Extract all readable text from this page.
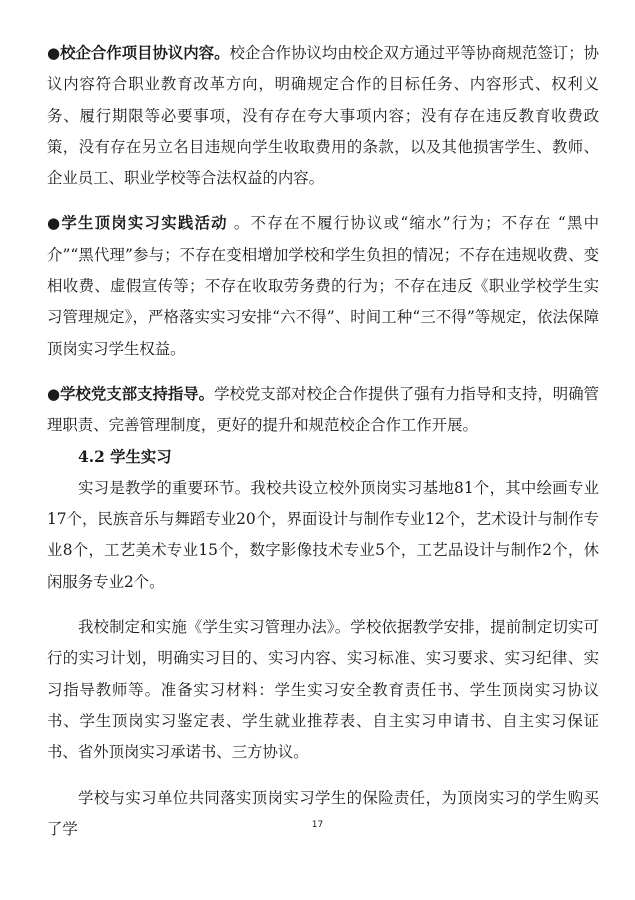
●校企合作项目协议内容。校企合作协议均由校企双方通过平等协商规范签订；协议内容符合职业教育改革方向，明确规定合作的目标任务、内容形式、权利义务、履行期限等必要事项，没有存在夸大事项内容；没有存在违反教育收费政策，没有存在另立名目违规向学生收取费用的条款，以及其他损害学生、教师、企业员工、职业学校等合法权益的内容。

●学生顶岗实习实践活动 。不存在不履行协议或“缩水”行为；不存在 “黑中介”“黑代理”参与；不存在变相增加学校和学生负担的情况；不存在违规收费、变相收费、虚假宣传等；不存在收取劳务费的行为；不存在违反《职业学校学生实习管理规定》，严格落实实习安排“六不得”、时间工种“三不得”等规定，依法保障顶岗实习学生权益。

●学校党支部支持指导。学校党支部对校企合作提供了强有力指导和支持，明确管理职责、完善管理制度，更好的提升和规范校企合作工作开展。

4.2 学生实习

实习是教学的重要环节。我校共设立校外顶岗实习基地81个，其中绘画专业17个，民族音乐与舞蹈专业20个，界面设计与制作专业12个，艺术设计与制作专业8个，工艺美术专业15个，数字影像技术专业5个，工艺品设计与制作2个，休闲服务专业2个。

我校制定和实施《学生实习管理办法》。学校依据教学安排，提前制定切实可行的实习计划，明确实习目的、实习内容、实习标准、实习要求、实习纪律、实习指导教师等。准备实习材料：学生实习安全教育责任书、学生顶岗实习协议书、学生顶岗实习鉴定表、学生就业推荐表、自主实习申请书、自主实习保证书、省外顶岗实习承诺书、三方协议。

学校与实习单位共同落实顶岗实习学生的保险责任，为顶岗实习的学生购买了学	17
